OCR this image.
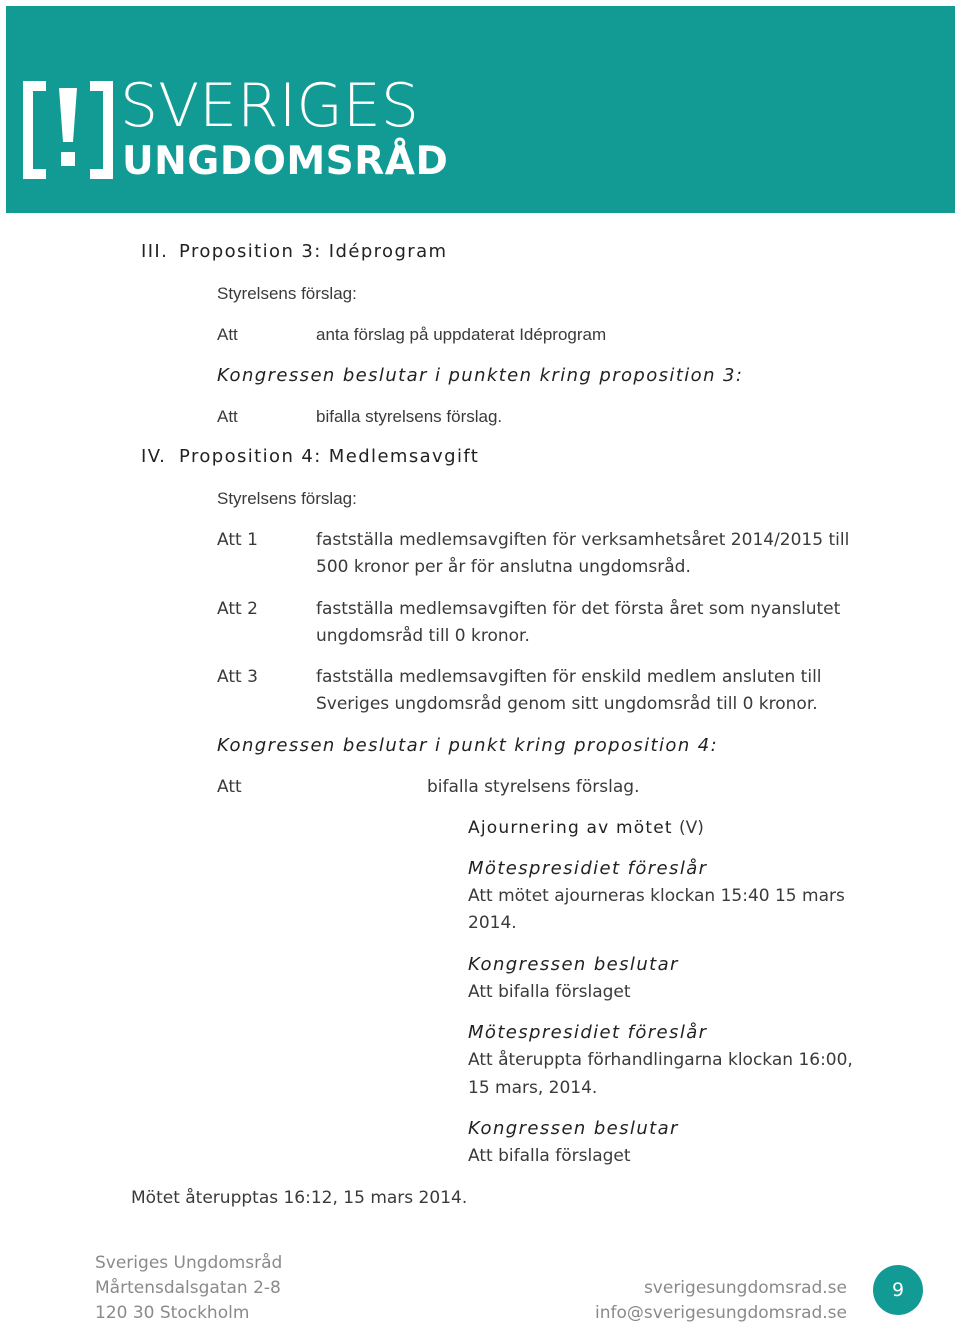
SVERIGES
UNGDOMSRÅD
III. Proposition 3: Idéprogram
Styrelsens förslag:
Att	anta förslag på uppdaterat Idéprogram
Kongressen beslutar i punkten kring proposition 3:
Att	bifalla styrelsens förslag.
IV. Proposition 4: Medlemsavgift
Styrelsens förslag:
Att 1	fastställa medlemsavgiften för verksamhetsåret 2014/2015 till
500 kronor per år för anslutna ungdomsråd.
Att 2	fastställa medlemsavgiften för det första året som nyanslutet
ungdomsråd till 0 kronor.
Att 3	fastställa medlemsavgiften för enskild medlem ansluten till
Sveriges ungdomsråd genom sitt ungdomsråd till 0 kronor.
Kongressen beslutar i punkt kring proposition 4:
Att	bifalla styrelsens förslag.
Ajournering av mötet (V)
Mötespresidiet föreslår
Att mötet ajourneras klockan 15:40 15 mars
2014.
Kongressen beslutar
Att bifalla förslaget
Mötespresidiet föreslår
Att återuppta förhandlingarna klockan 16:00,
15 mars, 2014.
Kongressen beslutar
Att bifalla förslaget
Mötet återupptas 16:12, 15 mars 2014.
Sveriges Ungdomsråd
Mårtensdalsgatan 2-8
120 30 Stockholm
sverigesungdomsrad.se
info@sverigesungdomsrad.se
9
